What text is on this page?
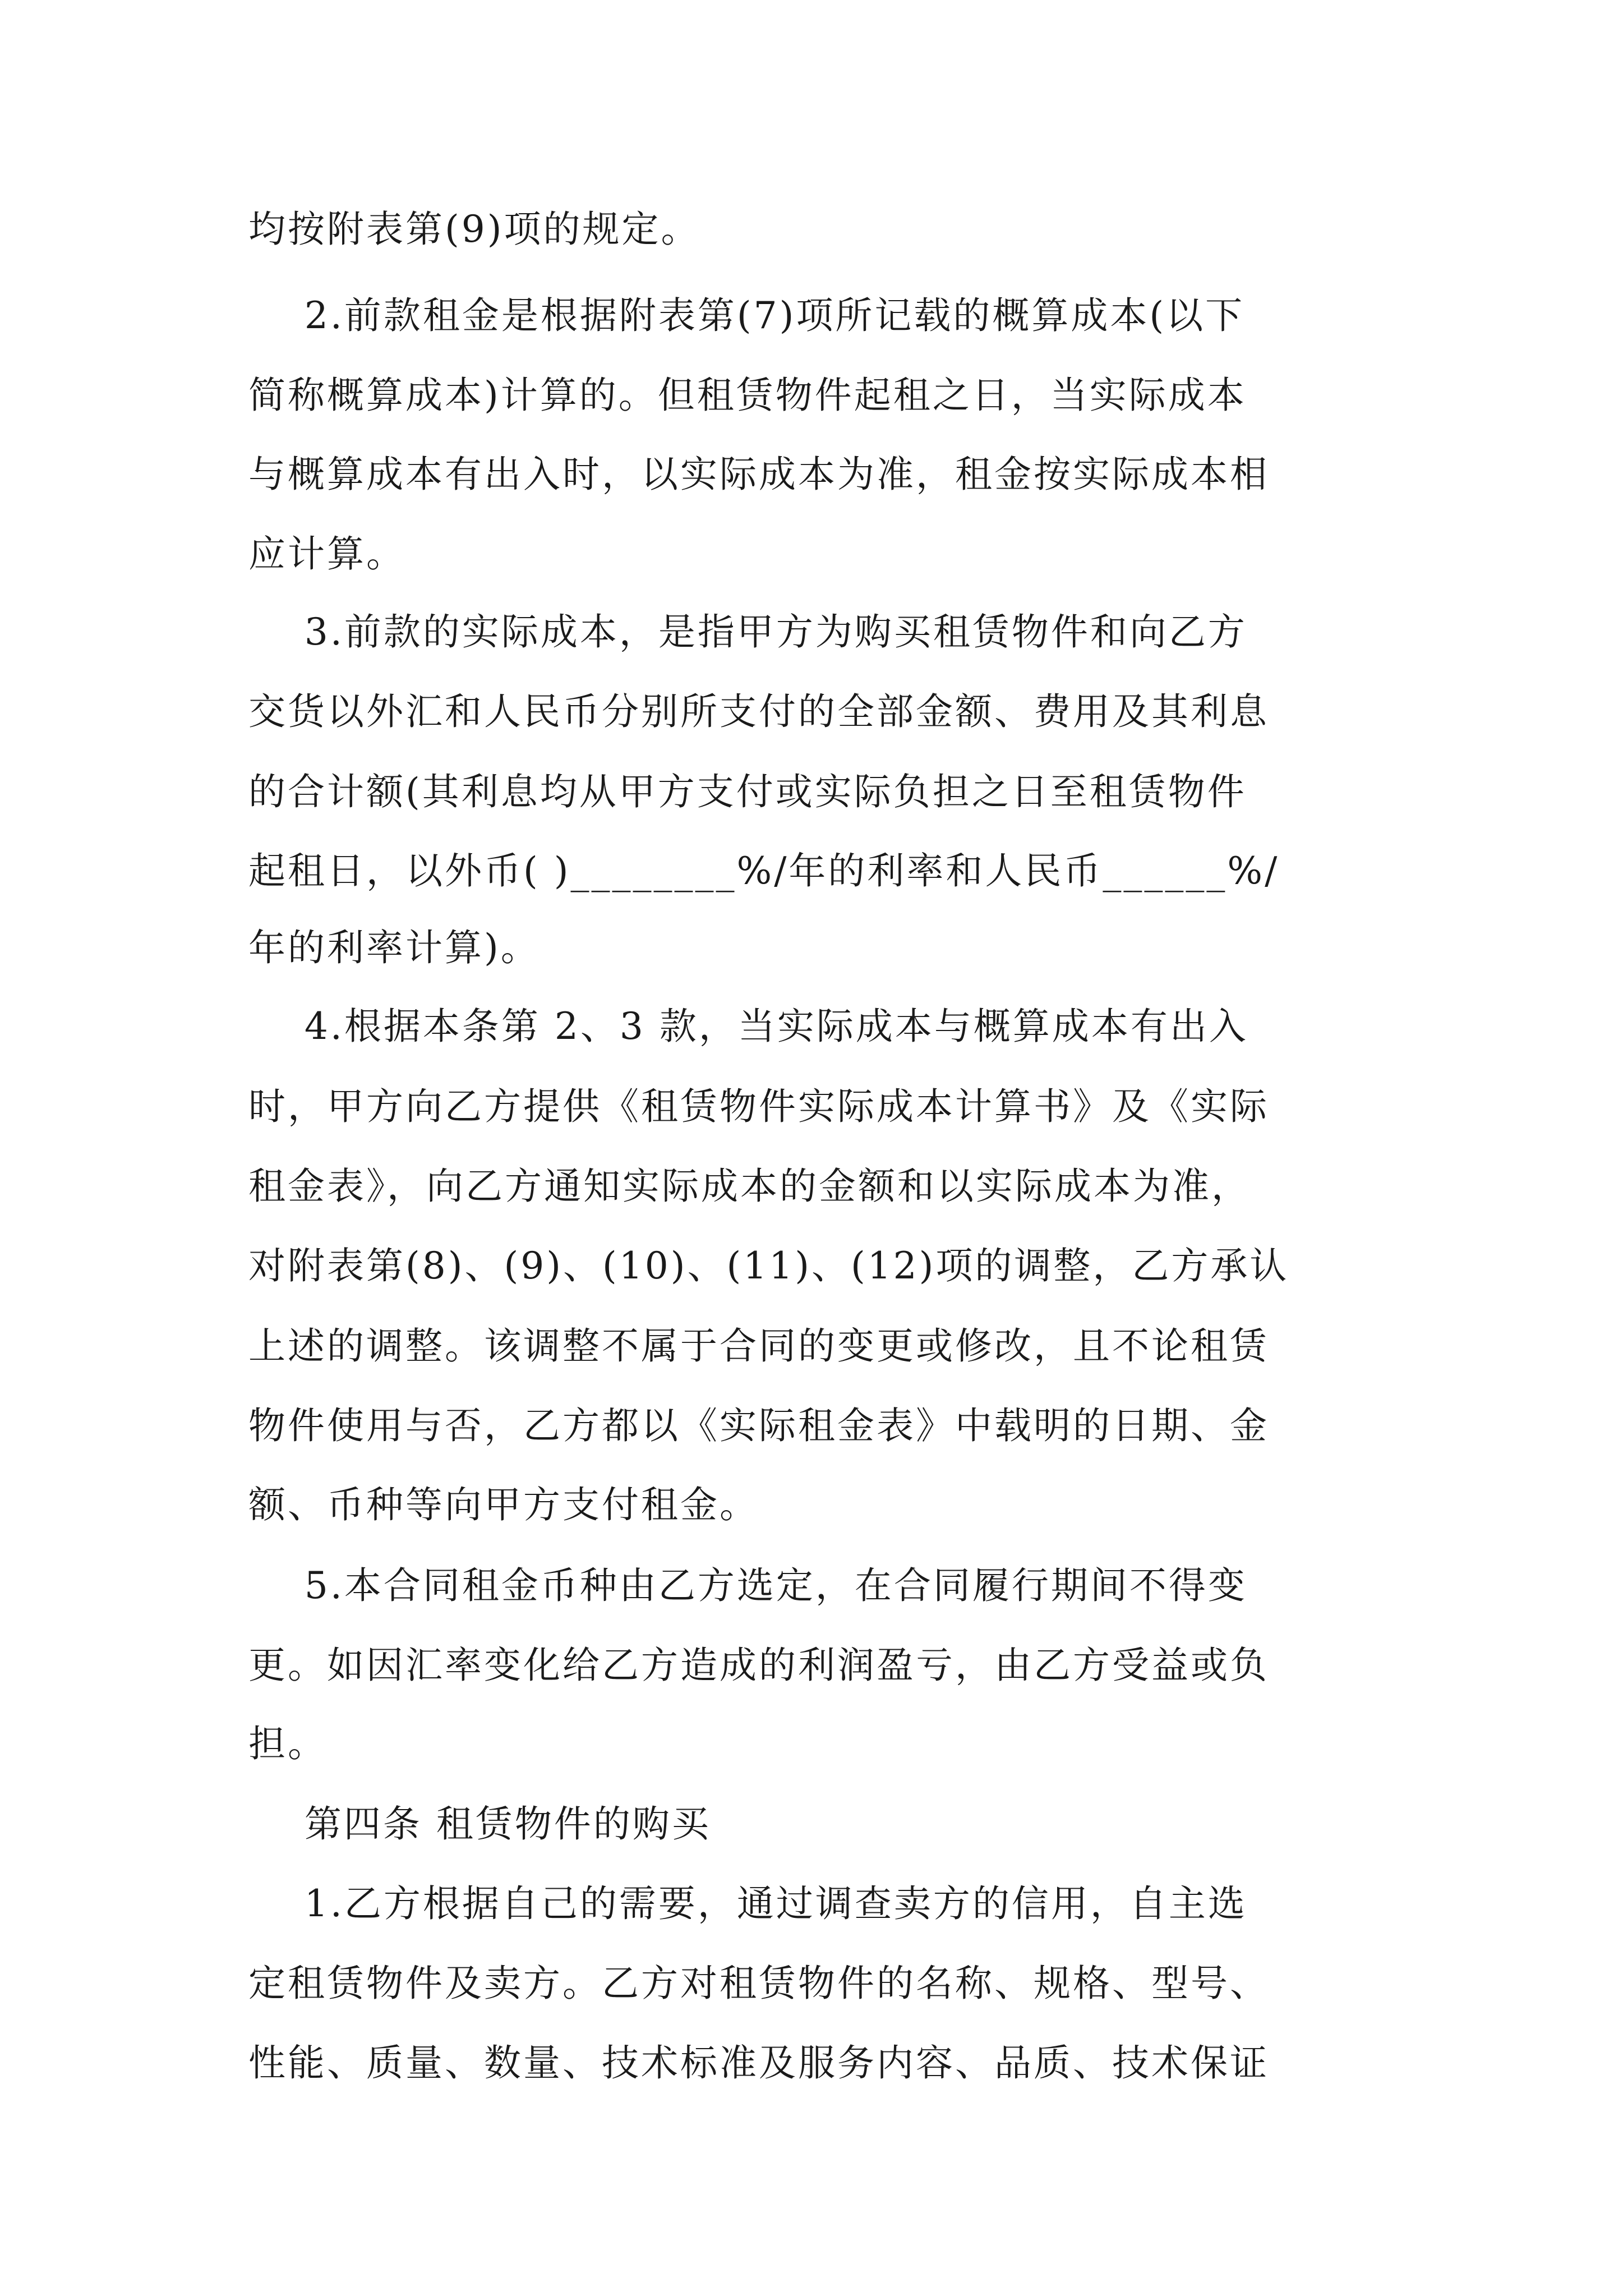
均按附表第(9)项的规定。
2.前款租金是根据附表第(7)项所记载的概算成本(以下
简称概算成本)计算的。但租赁物件起租之日，当实际成本
与概算成本有出入时，以实际成本为准，租金按实际成本相
应计算。
3.前款的实际成本，是指甲方为购买租赁物件和向乙方
交货以外汇和人民币分别所支付的全部金额、费用及其利息
的合计额(其利息均从甲方支付或实际负担之日至租赁物件
起租日，以外币( )________%/年的利率和人民币______%/
年的利率计算)。
4.根据本条第 2、3 款，当实际成本与概算成本有出入
时，甲方向乙方提供《租赁物件实际成本计算书》及《实际
租金表》，向乙方通知实际成本的金额和以实际成本为准，
对附表第(8)、(9)、(10)、(11)、(12)项的调整，乙方承认
上述的调整。该调整不属于合同的变更或修改，且不论租赁
物件使用与否，乙方都以《实际租金表》中载明的日期、金
额、币种等向甲方支付租金。
5.本合同租金币种由乙方选定，在合同履行期间不得变
更。如因汇率变化给乙方造成的利润盈亏，由乙方受益或负
担。
第四条 租赁物件的购买
1.乙方根据自己的需要，通过调查卖方的信用，自主选
定租赁物件及卖方。乙方对租赁物件的名称、规格、型号、
性能、质量、数量、技术标准及服务内容、品质、技术保证
